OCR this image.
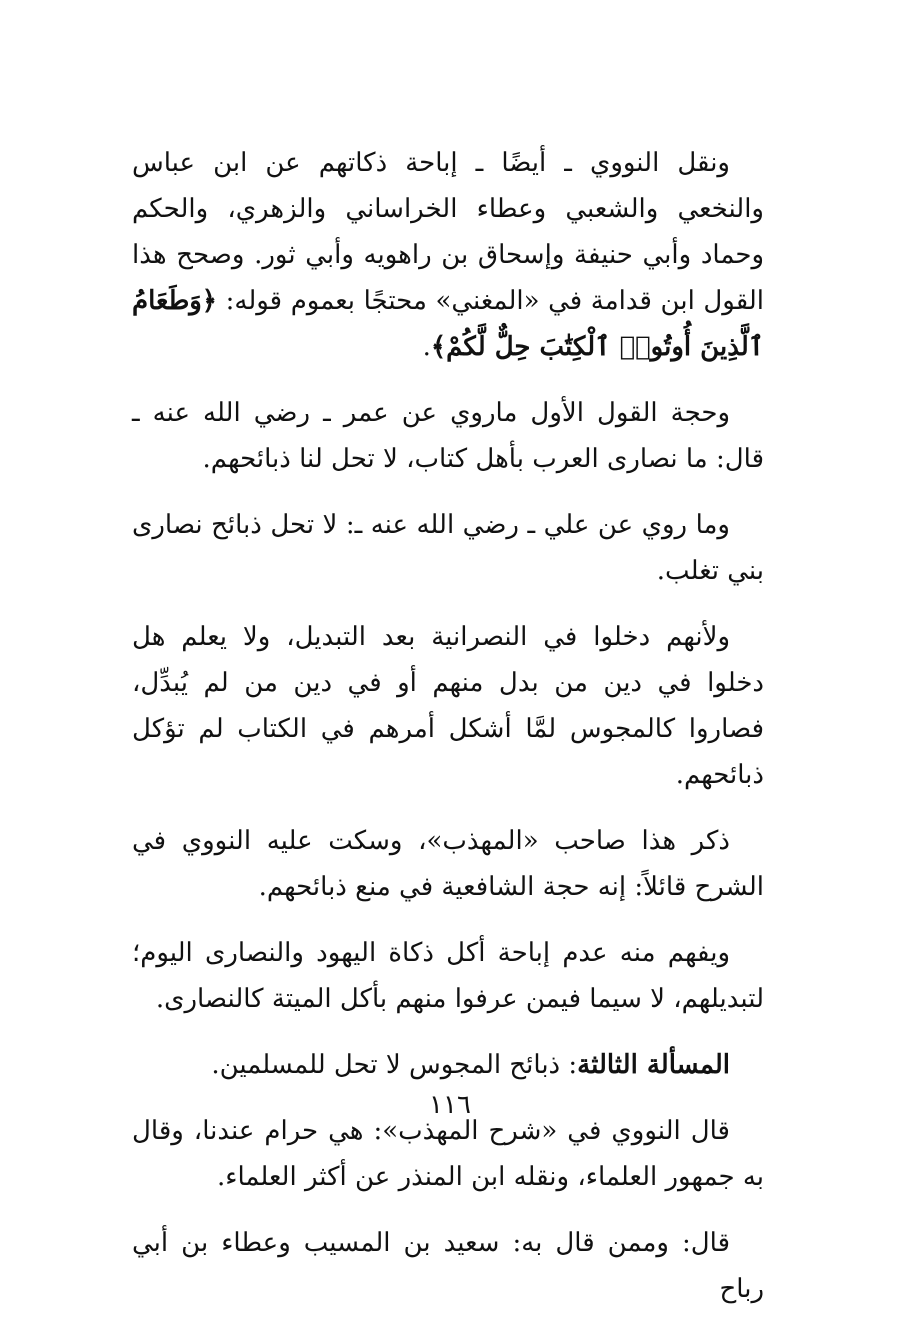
ونقل النووي ـ أيضًا ـ إباحة ذكاتهم عن ابن عباس والنخعي والشعبي وعطاء الخراساني والزهري، والحكم وحماد وأبي حنيفة وإسحاق بن راهويه وأبي ثور. وصحح هذا القول ابن قدامة في «المغني» محتجًا بعموم قوله: ﴿وَطَعَامُ ٱلَّذِينَ أُوتُوا۟ ٱلْكِتَٰبَ حِلٌّ لَّكُمْ﴾.

وحجة القول الأول ماروي عن عمر ـ رضي الله عنه ـ قال: ما نصارى العرب بأهل كتاب، لا تحل لنا ذبائحهم.

وما روي عن علي ـ رضي الله عنه ـ: لا تحل ذبائح نصارى بني تغلب.

ولأنهم دخلوا في النصرانية بعد التبديل، ولا يعلم هل دخلوا في دين من بدل منهم أو في دين من لم يُبدِّل، فصاروا كالمجوس لمَّا أشكل أمرهم في الكتاب لم تؤكل ذبائحهم.

ذكر هذا صاحب «المهذب»، وسكت عليه النووي في الشرح قائلاً: إنه حجة الشافعية في منع ذبائحهم.

ويفهم منه عدم إباحة أكل ذكاة اليهود والنصارى اليوم؛ لتبديلهم، لا سيما فيمن عرفوا منهم بأكل الميتة كالنصارى.

المسألة الثالثة: ذبائح المجوس لا تحل للمسلمين.

قال النووي في «شرح المهذب»: هي حرام عندنا، وقال به جمهور العلماء، ونقله ابن المنذر عن أكثر العلماء.

قال: وممن قال به: سعيد بن المسيب وعطاء بن أبي رباح

١١٦
